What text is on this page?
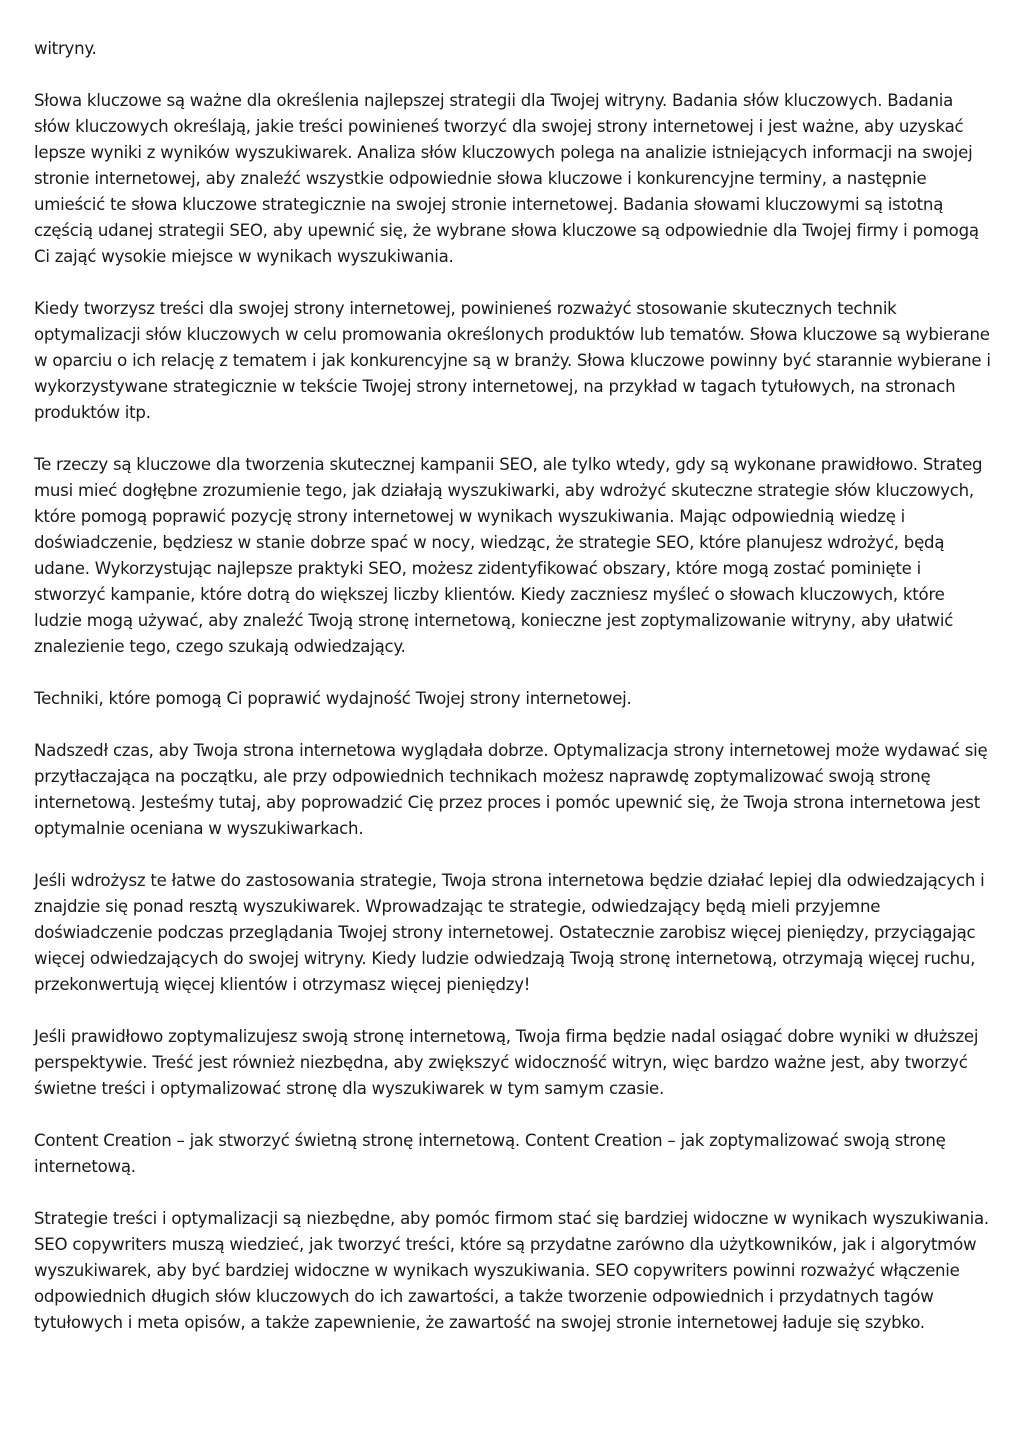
witryny.

Słowa kluczowe są ważne dla określenia najlepszej strategii dla Twojej witryny. Badania słów kluczowych. Badania słów kluczowych określają, jakie treści powinieneś tworzyć dla swojej strony internetowej i jest ważne, aby uzyskać lepsze wyniki z wyników wyszukiwarek. Analiza słów kluczowych polega na analizie istniejących informacji na swojej stronie internetowej, aby znaleźć wszystkie odpowiednie słowa kluczowe i konkurencyjne terminy, a następnie umieścić te słowa kluczowe strategicznie na swojej stronie internetowej. Badania słowami kluczowymi są istotną częścią udanej strategii SEO, aby upewnić się, że wybrane słowa kluczowe są odpowiednie dla Twojej firmy i pomogą Ci zająć wysokie miejsce w wynikach wyszukiwania.

Kiedy tworzysz treści dla swojej strony internetowej, powinieneś rozważyć stosowanie skutecznych technik optymalizacji słów kluczowych w celu promowania określonych produktów lub tematów. Słowa kluczowe są wybierane w oparciu o ich relację z tematem i jak konkurencyjne są w branży. Słowa kluczowe powinny być starannie wybierane i wykorzystywane strategicznie w tekście Twojej strony internetowej, na przykład w tagach tytułowych, na stronach produktów itp.

Te rzeczy są kluczowe dla tworzenia skutecznej kampanii SEO, ale tylko wtedy, gdy są wykonane prawidłowo. Strateg musi mieć dogłębne zrozumienie tego, jak działają wyszukiwarki, aby wdrożyć skuteczne strategie słów kluczowych, które pomogą poprawić pozycję strony internetowej w wynikach wyszukiwania. Mając odpowiednią wiedzę i doświadczenie, będziesz w stanie dobrze spać w nocy, wiedząc, że strategie SEO, które planujesz wdrożyć, będą udane. Wykorzystując najlepsze praktyki SEO, możesz zidentyfikować obszary, które mogą zostać pominięte i stworzyć kampanie, które dotrą do większej liczby klientów. Kiedy zaczniesz myśleć o słowach kluczowych, które ludzie mogą używać, aby znaleźć Twoją stronę internetową, konieczne jest zoptymalizowanie witryny, aby ułatwić znalezienie tego, czego szukają odwiedzający.

Techniki, które pomogą Ci poprawić wydajność Twojej strony internetowej.

Nadszedł czas, aby Twoja strona internetowa wyglądała dobrze. Optymalizacja strony internetowej może wydawać się przytłaczająca na początku, ale przy odpowiednich technikach możesz naprawdę zoptymalizować swoją stronę internetową. Jesteśmy tutaj, aby poprowadzić Cię przez proces i pomóc upewnić się, że Twoja strona internetowa jest optymalnie oceniana w wyszukiwarkach.

Jeśli wdrożysz te łatwe do zastosowania strategie, Twoja strona internetowa będzie działać lepiej dla odwiedzających i znajdzie się ponad resztą wyszukiwarek. Wprowadzając te strategie, odwiedzający będą mieli przyjemne doświadczenie podczas przeglądania Twojej strony internetowej. Ostatecznie zarobisz więcej pieniędzy, przyciągając więcej odwiedzających do swojej witryny. Kiedy ludzie odwiedzają Twoją stronę internetową, otrzymają więcej ruchu, przekonwertują więcej klientów i otrzymasz więcej pieniędzy!

Jeśli prawidłowo zoptymalizujesz swoją stronę internetową, Twoja firma będzie nadal osiągać dobre wyniki w dłuższej perspektywie. Treść jest również niezbędna, aby zwiększyć widoczność witryn, więc bardzo ważne jest, aby tworzyć świetne treści i optymalizować stronę dla wyszukiwarek w tym samym czasie.

Content Creation – jak stworzyć świetną stronę internetową. Content Creation – jak zoptymalizować swoją stronę internetową.

Strategie treści i optymalizacji są niezbędne, aby pomóc firmom stać się bardziej widoczne w wynikach wyszukiwania. SEO copywriters muszą wiedzieć, jak tworzyć treści, które są przydatne zarówno dla użytkowników, jak i algorytmów wyszukiwarek, aby być bardziej widoczne w wynikach wyszukiwania. SEO copywriters powinni rozważyć włączenie odpowiednich długich słów kluczowych do ich zawartości, a także tworzenie odpowiednich i przydatnych tagów tytułowych i meta opisów, a także zapewnienie, że zawartość na swojej stronie internetowej ładuje się szybko.
